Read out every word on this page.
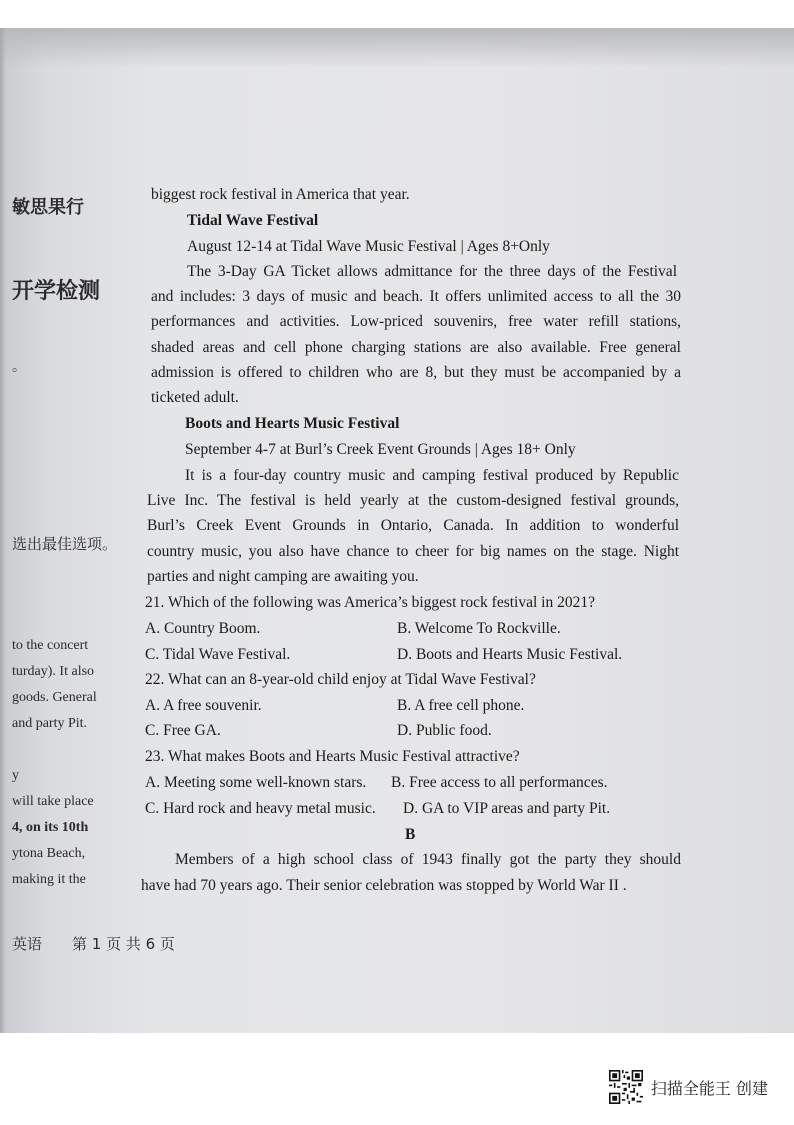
敏思果行
开学检测
。
选出最佳选项。
to the concert
turday). It also
goods. General
and party Pit.
y
will take place
4, on its 10th
ytona Beach,
making it the
英语 第 1 页 共 6 页
biggest rock festival in America that year.
Tidal Wave Festival
August 12-14 at Tidal Wave Music Festival | Ages 8+Only
The 3-Day GA Ticket allows admittance for the three days of the Festival
and includes: 3 days of music and beach. It offers unlimited access to all the 30
performances and activities. Low-priced souvenirs, free water refill stations,
shaded areas and cell phone charging stations are also available. Free general
admission is offered to children who are 8, but they must be accompanied by a
ticketed adult.
Boots and Hearts Music Festival
September 4-7 at Burl’s Creek Event Grounds | Ages 18+ Only
It is a four-day country music and camping festival produced by Republic
Live Inc. The festival is held yearly at the custom-designed festival grounds,
Burl’s Creek Event Grounds in Ontario, Canada. In addition to wonderful
country music, you also have chance to cheer for big names on the stage. Night
parties and night camping are awaiting you.
21. Which of the following was America’s biggest rock festival in 2021?
A. Country Boom.	B. Welcome To Rockville.
C. Tidal Wave Festival.	D. Boots and Hearts Music Festival.
22. What can an 8-year-old child enjoy at Tidal Wave Festival?
A. A free souvenir.	B. A free cell phone.
C. Free GA.	D. Public food.
23. What makes Boots and Hearts Music Festival attractive?
A. Meeting some well-known stars. B. Free access to all performances.
C. Hard rock and heavy metal music. D. GA to VIP areas and party Pit.
B
Members of a high school class of 1943 finally got the party they should
have had 70 years ago. Their senior celebration was stopped by World War II .
扫描全能王 创建
